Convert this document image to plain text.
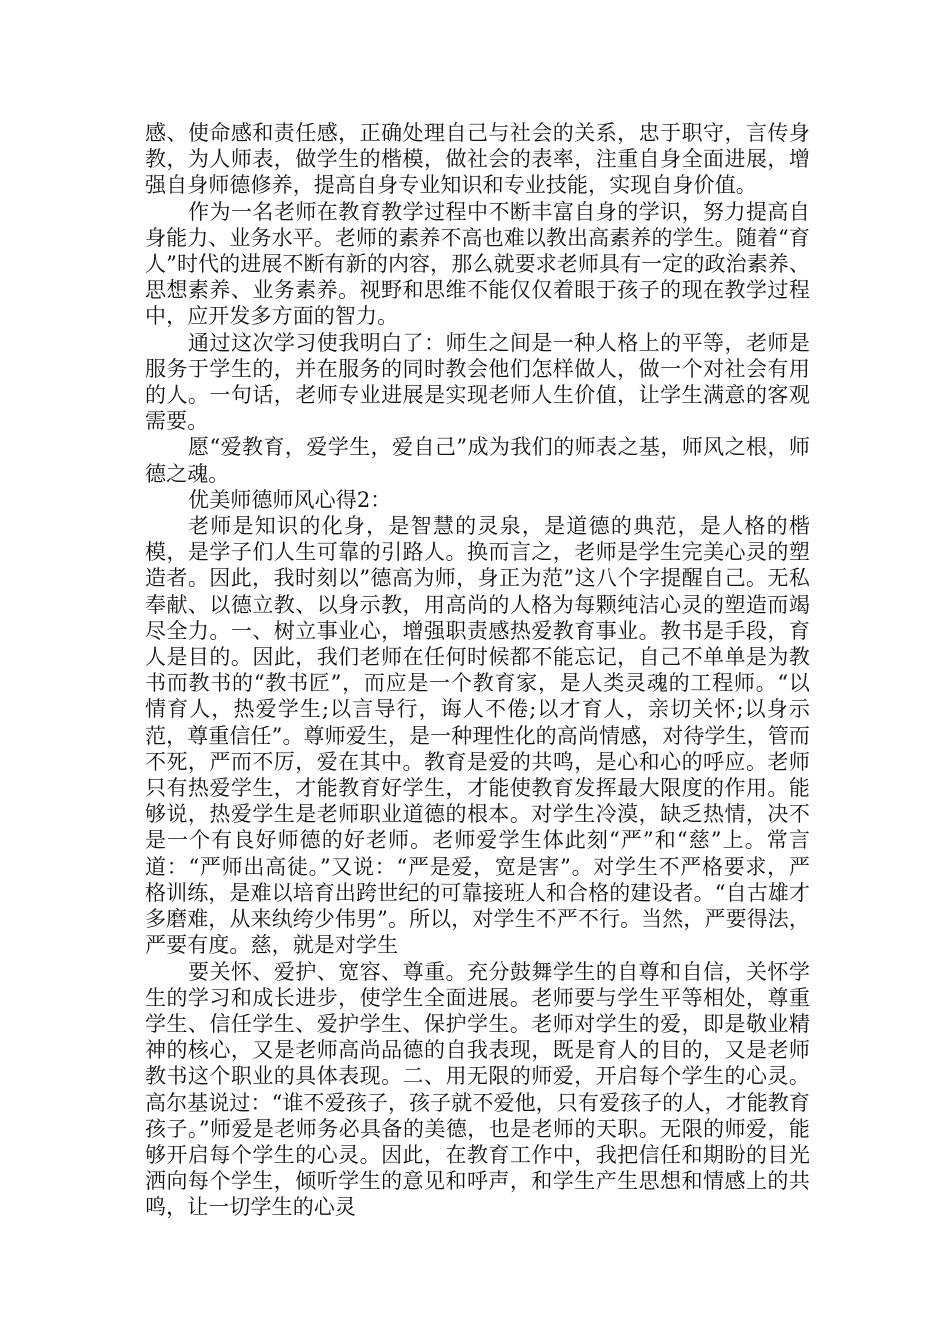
感、使命感和责任感，正确处理自己与社会的关系，忠于职守，言传身教，为人师表，做学生的楷模，做社会的表率，注重自身全面进展，增强自身师德修养，提高自身专业知识和专业技能，实现自身价值。

作为一名老师在教育教学过程中不断丰富自身的学识，努力提高自身能力、业务水平。老师的素养不高也难以教出高素养的学生。随着“育人”时代的进展不断有新的内容，那么就要求老师具有一定的政治素养、思想素养、业务素养。视野和思维不能仅仅着眼于孩子的现在教学过程中，应开发多方面的智力。

通过这次学习使我明白了：师生之间是一种人格上的平等，老师是服务于学生的，并在服务的同时教会他们怎样做人，做一个对社会有用的人。一句话，老师专业进展是实现老师人生价值，让学生满意的客观需要。

愿“爱教育，爱学生，爱自己”成为我们的师表之基，师风之根，师德之魂。

优美师德师风心得2：

老师是知识的化身，是智慧的灵泉，是道德的典范，是人格的楷模，是学子们人生可靠的引路人。换而言之，老师是学生完美心灵的塑造者。因此，我时刻以”德高为师，身正为范”这八个字提醒自己。无私奉献、以德立教、以身示教，用高尚的人格为每颗纯洁心灵的塑造而竭尽全力。一、树立事业心，增强职责感热爱教育事业。教书是手段，育人是目的。因此，我们老师在任何时候都不能忘记，自己不单单是为教书而教书的“教书匠”，而应是一个教育家，是人类灵魂的工程师。“以情育人，热爱学生;以言导行，诲人不倦;以才育人，亲切关怀;以身示范，尊重信任”。尊师爱生，是一种理性化的高尚情感，对待学生，管而不死，严而不厉，爱在其中。教育是爱的共鸣，是心和心的呼应。老师只有热爱学生，才能教育好学生，才能使教育发挥最大限度的作用。能够说，热爱学生是老师职业道德的根本。对学生冷漠，缺乏热情，决不是一个有良好师德的好老师。老师爱学生体此刻“严”和“慈”上。常言道：“严师出高徒。”又说：“严是爱，宽是害”。对学生不严格要求，严格训练，是难以培育出跨世纪的可靠接班人和合格的建设者。“自古雄才多磨难，从来纨绔少伟男”。所以，对学生不严不行。当然，严要得法，严要有度。慈，就是对学生

要关怀、爱护、宽容、尊重。充分鼓舞学生的自尊和自信，关怀学生的学习和成长进步，使学生全面进展。老师要与学生平等相处，尊重学生、信任学生、爱护学生、保护学生。老师对学生的爱，即是敬业精神的核心，又是老师高尚品德的自我表现，既是育人的目的，又是老师教书这个职业的具体表现。二、用无限的师爱，开启每个学生的心灵。高尔基说过：“谁不爱孩子，孩子就不爱他，只有爱孩子的人，才能教育孩子。”师爱是老师务必具备的美德，也是老师的天职。无限的师爱，能够开启每个学生的心灵。因此，在教育工作中，我把信任和期盼的目光洒向每个学生，倾听学生的意见和呼声，和学生产生思想和情感上的共鸣，让一切学生的心灵
